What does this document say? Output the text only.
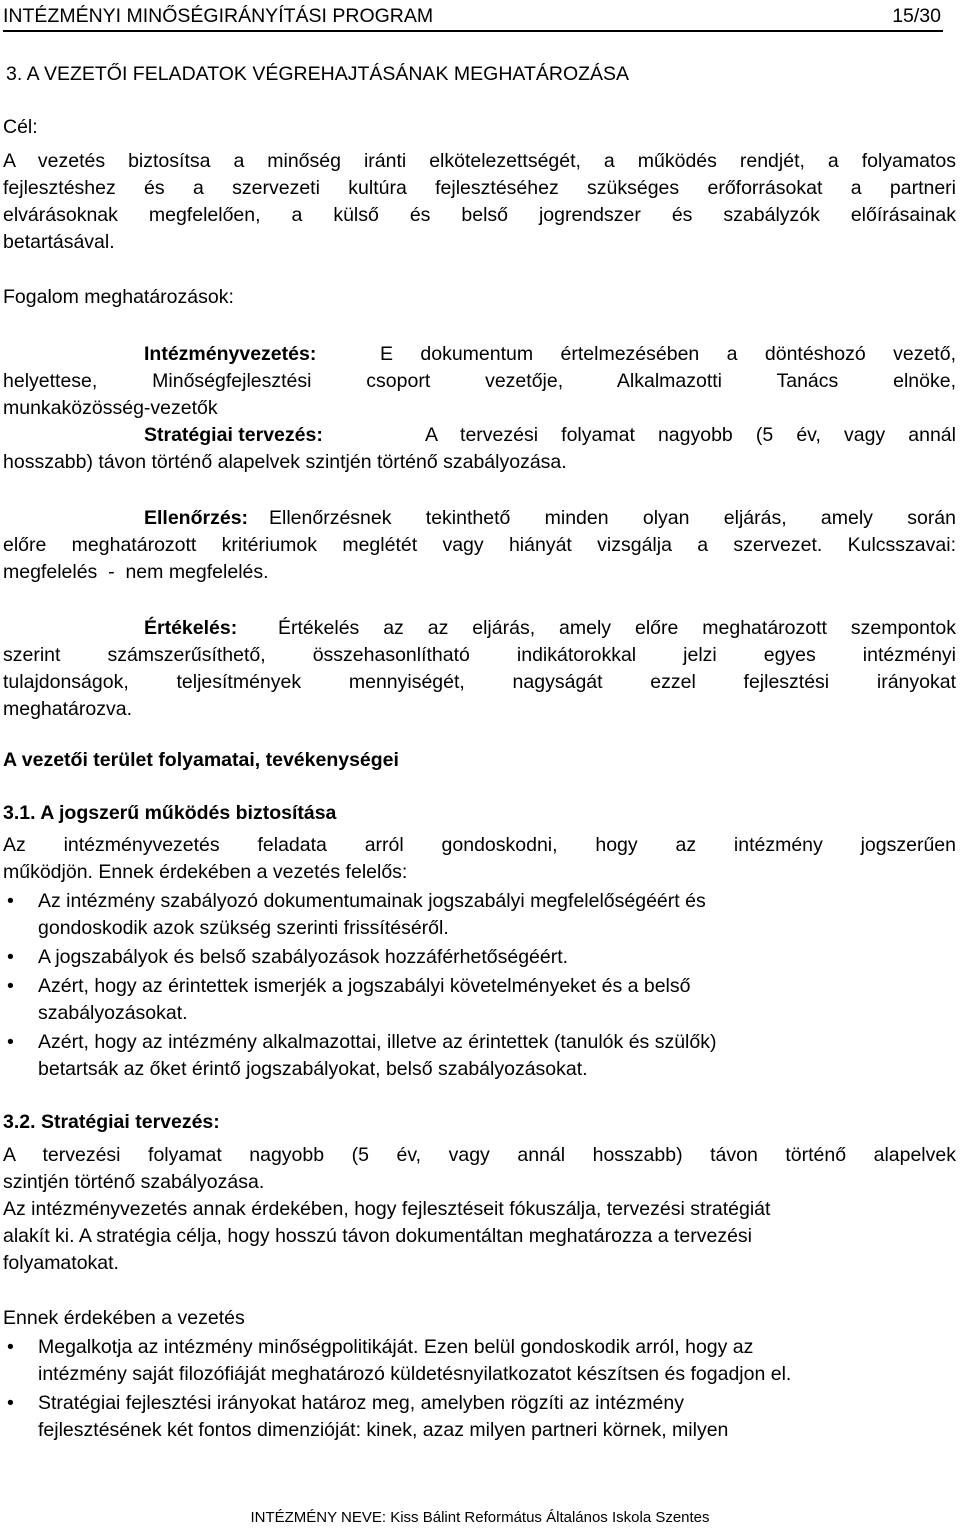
INTÉZMÉNYI MINŐSÉGIRÁNYÍTÁSI PROGRAM	15/30
3. A VEZETŐI FELADATOK VÉGREHAJTÁSÁNAK MEGHATÁROZÁSA
Cél:
A vezetés biztosítsa a minőség iránti elkötelezettségét, a működés rendjét, a folyamatos
fejlesztéshez és a szervezeti kultúra fejlesztéséhez szükséges erőforrásokat a partneri
elvárásoknak megfelelően, a külső és belső jogrendszer és szabályzók előírásainak
betartásával.
Fogalom meghatározások:
Intézményvezetés:	E dokumentum értelmezésében a döntéshozó vezető,
helyettese, Minőségfejlesztési csoport vezetője, Alkalmazotti Tanács elnöke,
munkaközösség-vezetők
Stratégiai tervezés:	A tervezési folyamat nagyobb (5 év, vagy annál
hosszabb) távon történő alapelvek szintjén történő szabályozása.
Ellenőrzés: Ellenőrzésnek tekinthető minden olyan eljárás, amely során
előre meghatározott kritériumok meglétét vagy hiányát vizsgálja a szervezet. Kulcsszavai:
megfelelés  -  nem megfelelés.
Értékelés: Értékelés az az eljárás, amely előre meghatározott szempontok
szerint számszerűsíthető, összehasonlítható indikátorokkal jelzi egyes intézményi
tulajdonságok, teljesítmények mennyiségét, nagyságát ezzel fejlesztési irányokat
meghatározva.
A vezetői terület folyamatai, tevékenységei
3.1. A jogszerű működés biztosítása
Az intézményvezetés feladata arról gondoskodni, hogy az intézmény jogszerűen
működjön. Ennek érdekében a vezetés felelős:
• Az intézmény szabályozó dokumentumainak jogszabályi megfelelőségéért és
gondoskodik azok szükség szerinti frissítéséről.
• A jogszabályok és belső szabályozások hozzáférhetőségéért.
• Azért, hogy az érintettek ismerjék a jogszabályi követelményeket és a belső
szabályozásokat.
• Azért, hogy az intézmény alkalmazottai, illetve az érintettek (tanulók és szülők)
betartsák az őket érintő jogszabályokat, belső szabályozásokat.
3.2. Stratégiai tervezés:
A tervezési folyamat nagyobb (5 év, vagy annál hosszabb) távon történő alapelvek
szintjén történő szabályozása.
Az intézményvezetés annak érdekében, hogy fejlesztéseit fókuszálja, tervezési stratégiát
alakít ki. A stratégia célja, hogy hosszú távon dokumentáltan meghatározza a tervezési
folyamatokat.
Ennek érdekében a vezetés
• Megalkotja az intézmény minőségpolitikáját. Ezen belül gondoskodik arról, hogy az
intézmény saját filozófiáját meghatározó küldetésnyilatkozatot készítsen és fogadjon el.
• Stratégiai fejlesztési irányokat határoz meg, amelyben rögzíti az intézmény
fejlesztésének két fontos dimenzióját: kinek, azaz milyen partneri körnek, milyen
INTÉZMÉNY NEVE: Kiss Bálint Református Általános Iskola Szentes
